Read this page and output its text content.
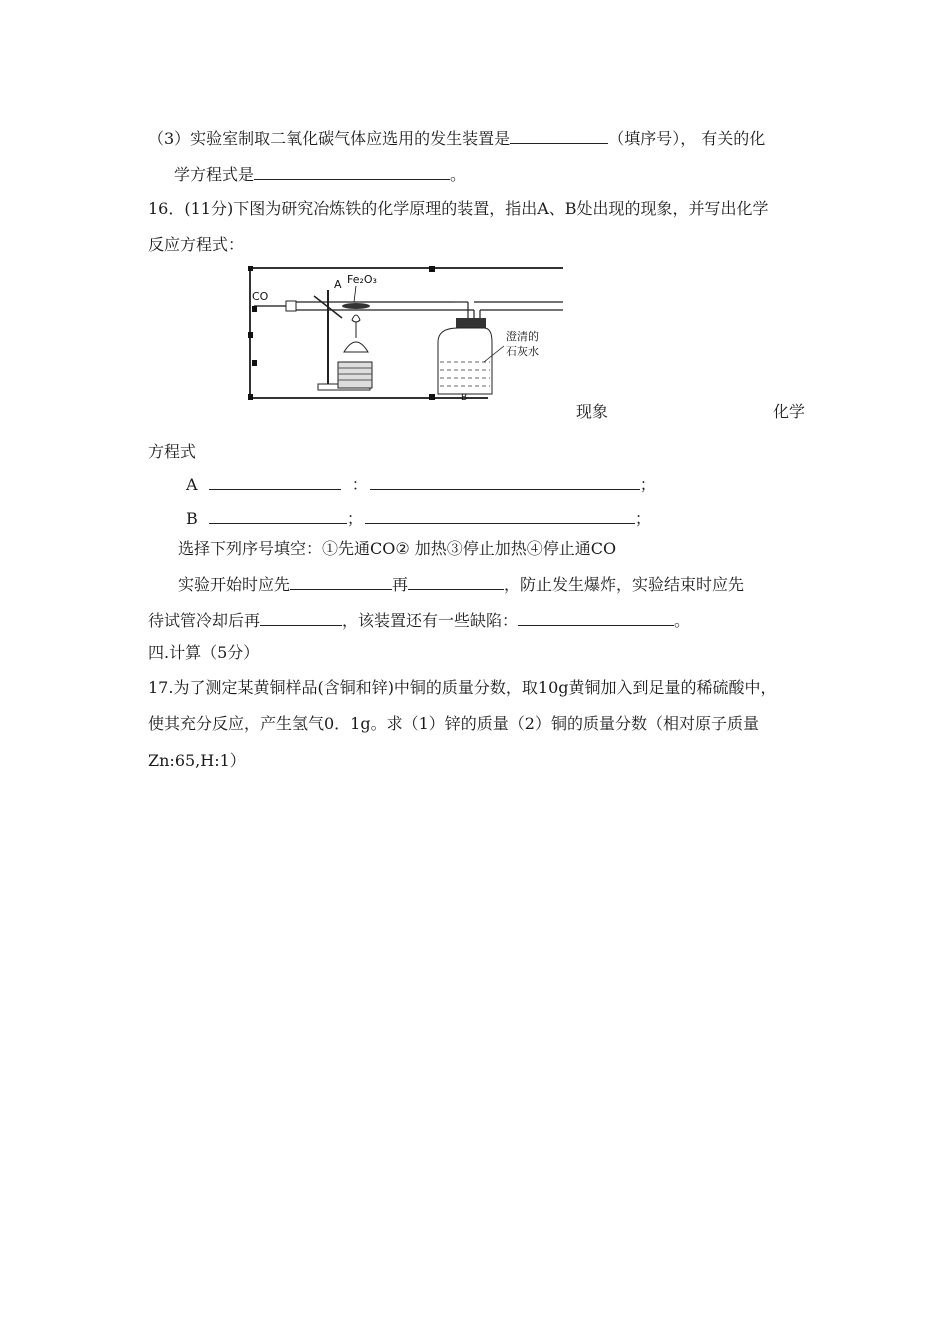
（3）实验室制取二氧化碳气体应选用的发生装置是	（填序号）， 有关的化
学方程式是	。
16．(11分)下图为研究冶炼铁的化学原理的装置，指出A、B处出现的现象，并写出化学
反应方程式：
CO
A Fe₂O₃
澄清的
石灰水
B
现象	化学
方程式
A	：	；
B	；	；
选择下列序号填空：①先通CO② 加热③停止加热④停止通CO
实验开始时应先	再	，防止发生爆炸，实验结束时应先
待试管冷却后再	，该装置还有一些缺陷：	。
四.计算（5分）
17.为了测定某黄铜样品(含铜和锌)中铜的质量分数，取10g黄铜加入到足量的稀硫酸中，
使其充分反应，产生氢气0．1g。求（1）锌的质量（2）铜的质量分数（相对原子质量
Zn:65,H:1）
